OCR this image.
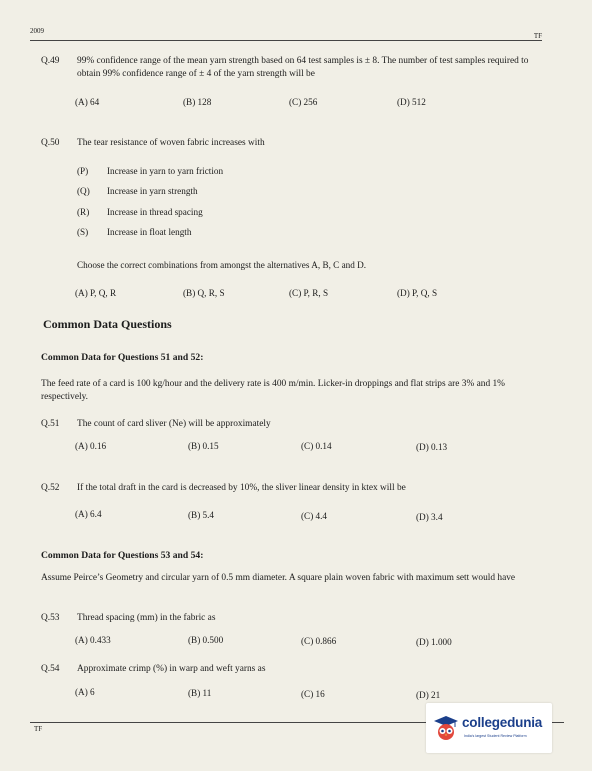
2009
TF
Q.49 99% confidence range of the mean yarn strength based on 64 test samples is ± 8. The number of test samples required to obtain 99% confidence range of ± 4 of the yarn strength will be
(A) 64	(B) 128	(C) 256	(D) 512
Q.50 The tear resistance of woven fabric increases with
(P) Increase in yarn to yarn friction
(Q) Increase in yarn strength
(R) Increase in thread spacing
(S) Increase in float length
Choose the correct combinations from amongst the alternatives A, B, C and D.
(A) P, Q, R	(B) Q, R, S	(C) P, R, S	(D) P, Q, S
Common Data Questions
Common Data for Questions 51 and 52:
The feed rate of a card is 100 kg/hour and the delivery rate is 400 m/min. Licker-in droppings and flat strips are 3% and 1% respectively.
Q.51 The count of card sliver (Ne) will be approximately
(A) 0.16	(B) 0.15	(C) 0.14	(D) 0.13
Q.52 If the total draft in the card is decreased by 10%, the sliver linear density in ktex will be
(A) 6.4	(B) 5.4	(C) 4.4	(D) 3.4
Common Data for Questions 53 and 54:
Assume Peirce’s Geometry and circular yarn of 0.5 mm diameter. A square plain woven fabric with maximum sett would have
Q.53 Thread spacing (mm) in the fabric as
(A) 0.433	(B) 0.500	(C) 0.866	(D) 1.000
Q.54 Approximate crimp (%) in warp and weft yarns as
(A) 6	(B) 11	(C) 16	(D) 21
TF	collegedunia
India's largest Student Review Platform
